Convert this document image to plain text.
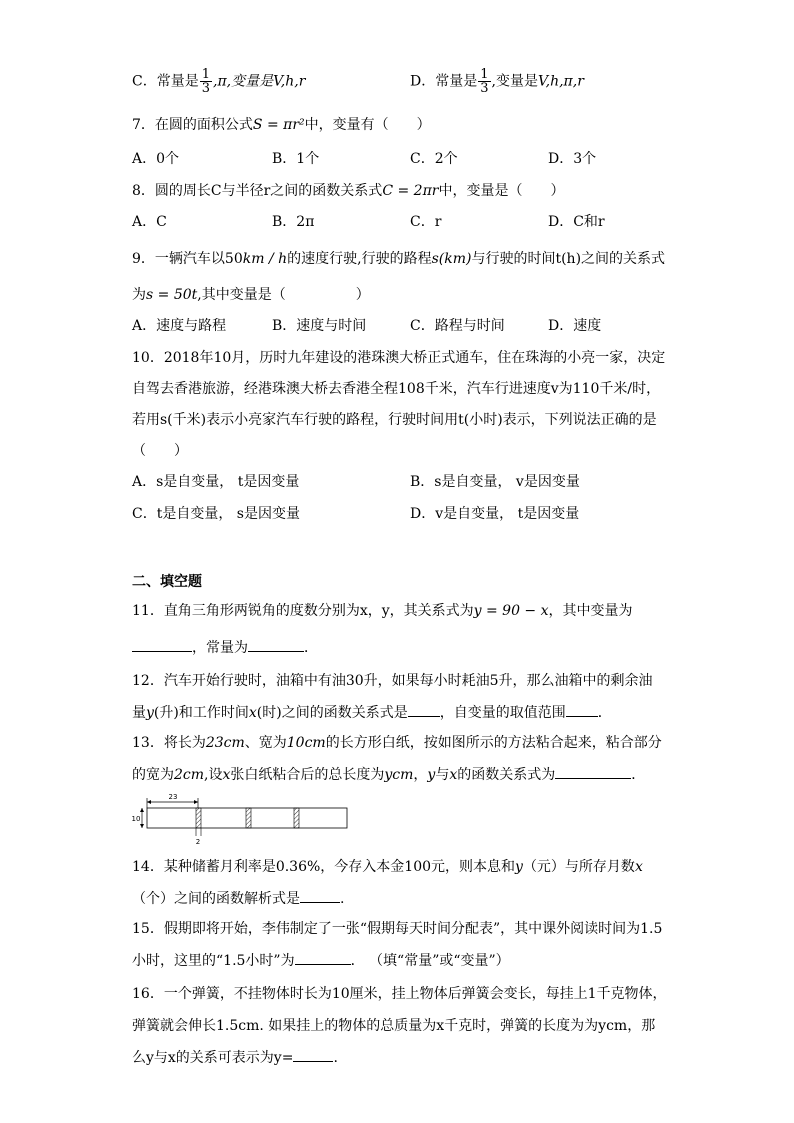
C．常量是 $\frac{1}{3} ,\pi$,变量是V,h,r	D．常量是 $\frac{1}{3}$ ,变量是V,h,π,r
7．在圆的面积公式S = πr²中，变量有（　　）
A．0个	B．1个	C．2个	D．3个
8．圆的周长C与半径r之间的函数关系式C = 2πr中，变量是（　　）
A．C	B．2π	C．r	D．C和r
9．一辆汽车以50km / h的速度行驶,行驶的路程s(km)与行驶的时间t(h)之间的关系式
为s = 50t,其中变量是（　　　　　）
A．速度与路程	B．速度与时间	C．路程与时间	D．速度
10．2018年10月，历时九年建设的港珠澳大桥正式通车，住在珠海的小亮一家，决定
自驾去香港旅游，经港珠澳大桥去香港全程108千米，汽车行进速度v为110千米/时，
若用s(千米)表示小亮家汽车行驶的路程，行驶时间用t(小时)表示，下列说法正确的是
（　　）
A．s是自变量， t是因变量	B．s是自变量， v是因变量
C．t是自变量， s是因变量	D．v是自变量， t是因变量
二、填空题
11．直角三角形两锐角的度数分别为x，y，其关系式为y = 90 − x，其中变量为
，常量为	．
12．汽车开始行驶时，油箱中有油30升，如果每小时耗油5升，那么油箱中的剩余油
量y(升)和工作时间x(时)之间的函数关系式是 ，自变量的取值范围 ．
13．将长为23cm、宽为10cm的长方形白纸，按如图所示的方法粘合起来，粘合部分
的宽为2cm,设x张白纸粘合后的总长度为ycm，y与x的函数关系式为	．
23
10
2
14．某种储蓄月利率是0.36%，今存入本金100元，则本息和y（元）与所存月数x
（个）之间的函数解析式是	.
15．假期即将开始，李伟制定了一张“假期每天时间分配表”，其中课外阅读时间为1.5
小时，这里的“1.5小时”为	． （填“常量”或“变量”）
16．一个弹簧，不挂物体时长为10厘米，挂上物体后弹簧会变长，每挂上1千克物体，
弹簧就会伸长1.5cm. 如果挂上的物体的总质量为x千克时，弹簧的长度为为ycm，那
么y与x的关系可表示为y=	.
